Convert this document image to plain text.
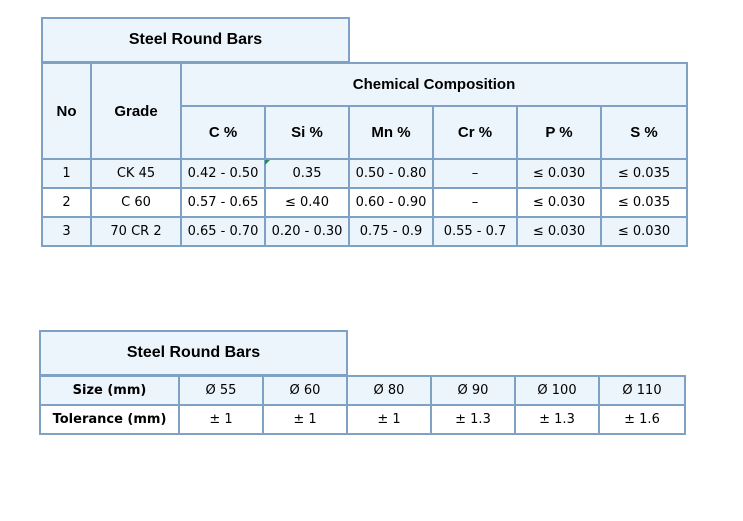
Steel Round Bars
No	Grade	Chemical Composition					
		C %	Si %	Mn %	Cr %	P %	S %
1	CK 45	0.42 - 0.50	0.35	0.50 - 0.80	–	≤ 0.030	≤ 0.035
2	C 60	0.57 - 0.65	≤ 0.40	0.60 - 0.90	–	≤ 0.030	≤ 0.035
3	70 CR 2	0.65 - 0.70	0.20 - 0.30	0.75 - 0.9	0.55 - 0.7	≤ 0.030	≤ 0.030
Steel Round Bars
Size (mm)	Ø 55	Ø 60	Ø 80	Ø 90	Ø 100	Ø 110
Tolerance (mm)	± 1	± 1	± 1	± 1.3	± 1.3	± 1.6
